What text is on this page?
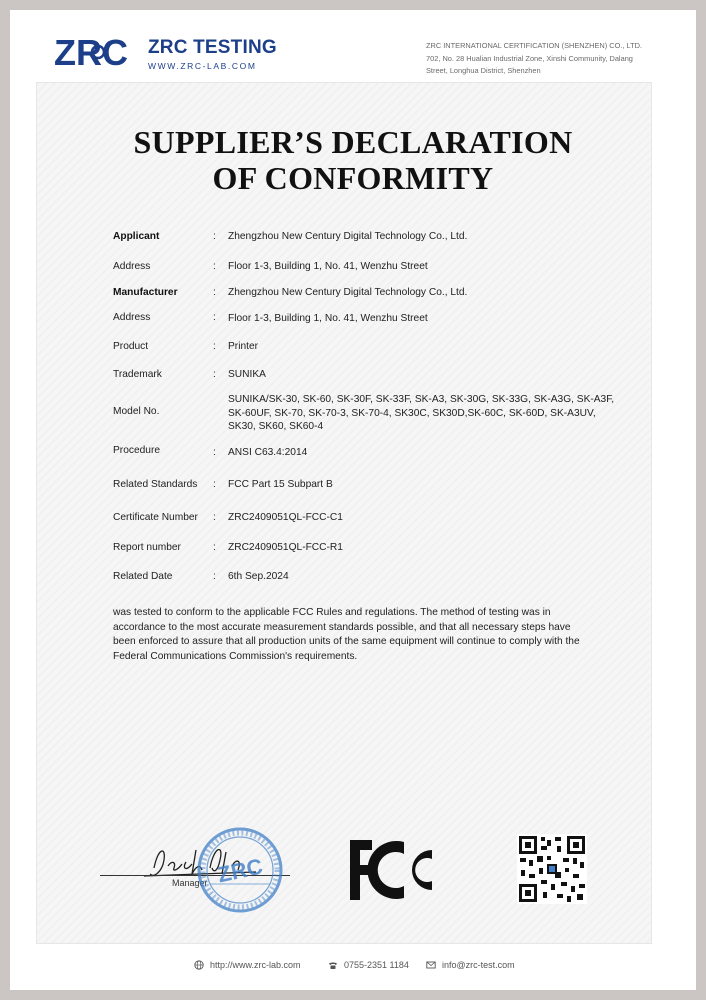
ZRC ZRC TESTING
WWW.ZRC-LAB.COM
ZRC INTERNATIONAL CERTIFICATION (SHENZHEN) CO., LTD.
702, No. 28 Hualian Industrial Zone, Xinshi Community, Dalang
Street, Longhua District, Shenzhen
SUPPLIER’S DECLARATION
OF CONFORMITY
Applicant	: Zhengzhou New Century Digital Technology Co., Ltd.
Address	: Floor 1-3, Building 1, No. 41, Wenzhu Street
Manufacturer	: Zhengzhou New Century Digital Technology Co., Ltd.
Address	: Floor 1-3, Building 1, No. 41, Wenzhu Street
Product	: Printer
Trademark	: SUNIKA
Model No.
SUNIKA/SK-30, SK-60, SK-30F, SK-33F, SK-A3, SK-30G, SK-33G, SK-A3G, SK-A3F, SK-60UF, SK-70, SK-70-3, SK-70-4, SK30C, SK30D,SK-60C, SK-60D, SK-A3UV, SK30, SK60, SK60-4
Procedure	: ANSI C63.4:2014
Related Standards : FCC Part 15 Subpart B
Certificate Number : ZRC2409051QL-FCC-C1
Report number	: ZRC2409051QL-FCC-R1
Related Date	: 6th Sep.2024
was tested to conform to the applicable FCC Rules and regulations. The method of testing was in accordance to the most accurate measurement standards possible, and that all necessary steps have been enforced to assure that all production units of the same equipment will continue to comply with the Federal Communications Commission's requirements.
Manager ZRC
http://www.zrc-lab.com	0755-2351 1184	info@zrc-test.com
